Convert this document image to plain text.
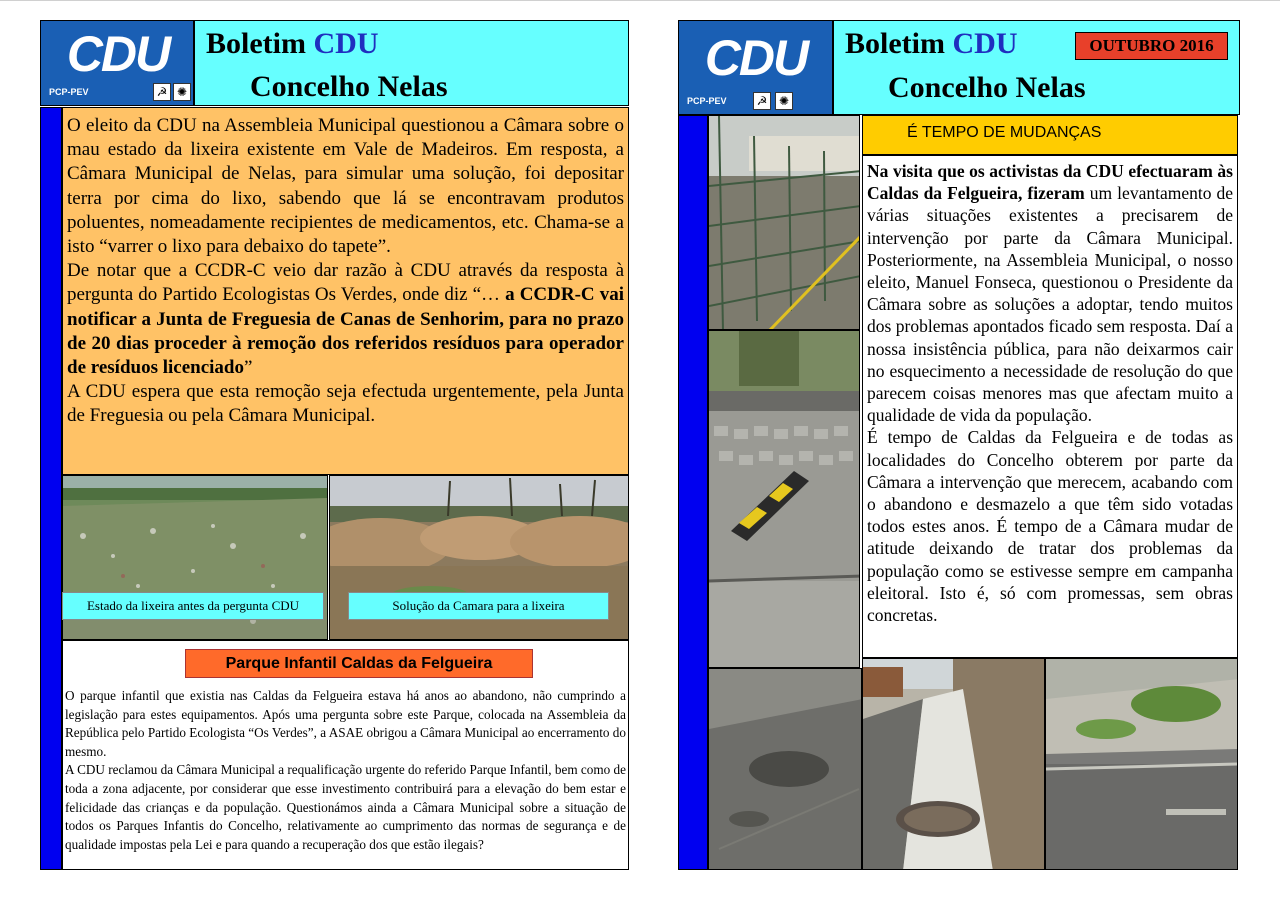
CDU
PCP-PEV	☭ ✺
Boletim CDU
Concelho Nelas

O eleito da CDU na Assembleia Municipal questionou a Câmara sobre o mau estado da lixeira existente em Vale de Madeiros. Em resposta, a Câmara Municipal de Nelas, para simular uma solução, foi depositar terra por cima do lixo, sabendo que lá se encontravam produtos poluentes, nomeadamente recipientes de medicamentos, etc. Chama-se a isto “varrer o lixo para debaixo do tapete”.

De notar que a CCDR-C veio dar razão à CDU através da resposta à pergunta do Partido Ecologistas Os Verdes, onde diz “… a CCDR-C vai notificar a Junta de Freguesia de Canas de Senhorim, para no prazo de 20 dias proceder à remoção dos referidos resíduos para operador de resíduos licenciado”

A CDU espera que esta remoção seja efectuda urgentemente, pela Junta de Freguesia ou pela Câmara Municipal.

Estado da lixeira antes da pergunta CDU	Solução da Camara para a lixeira
Parque Infantil Caldas da Felgueira

O parque infantil que existia nas Caldas da Felgueira estava há anos ao abandono, não cumprindo a legislação para estes equipamentos. Após uma pergunta sobre este Parque, colocada na Assembleia da República pelo Partido Ecologista “Os Verdes”, a ASAE obrigou a Câmara Municipal ao encerramento do mesmo.

A CDU reclamou da Câmara Municipal a requalificação urgente do referido Parque Infantil, bem como de toda a zona adjacente, por considerar que esse investimento contribuirá para a elevação do bem estar e felicidade das crianças e da população. Questionámos ainda a Câmara Municipal sobre a situação de todos os Parques Infantis do Concelho, relativamente ao cumprimento das normas de segurança e de qualidade impostas pela Lei e para quando a recuperação dos que estão ilegais?

CDU
PCP-PEV	☭ ✺
Boletim CDU
Concelho Nelas
OUTUBRO 2016
É TEMPO DE MUDANÇAS

Na visita que os activistas da CDU efectuaram às Caldas da Felgueira, fizeram um levantamento de várias situações existentes a precisarem de intervenção por parte da Câmara Municipal. Posteriormente, na Assembleia Municipal, o nosso eleito, Manuel Fonseca, questionou o Presidente da Câmara sobre as soluções a adoptar, tendo muitos dos problemas apontados ficado sem resposta. Daí a nossa insistência pública, para não deixarmos cair no esquecimento a necessidade de resolução do que parecem coisas menores mas que afectam muito a qualidade de vida da população.

É tempo de Caldas da Felgueira e de todas as localidades do Concelho obterem por parte da Câmara a intervenção que merecem, acabando com o abandono e desmazelo a que têm sido votadas todos estes anos. É tempo de a Câmara mudar de atitude deixando de tratar dos problemas da população como se estivesse sempre em campanha eleitoral. Isto é, só com promessas, sem obras concretas.
